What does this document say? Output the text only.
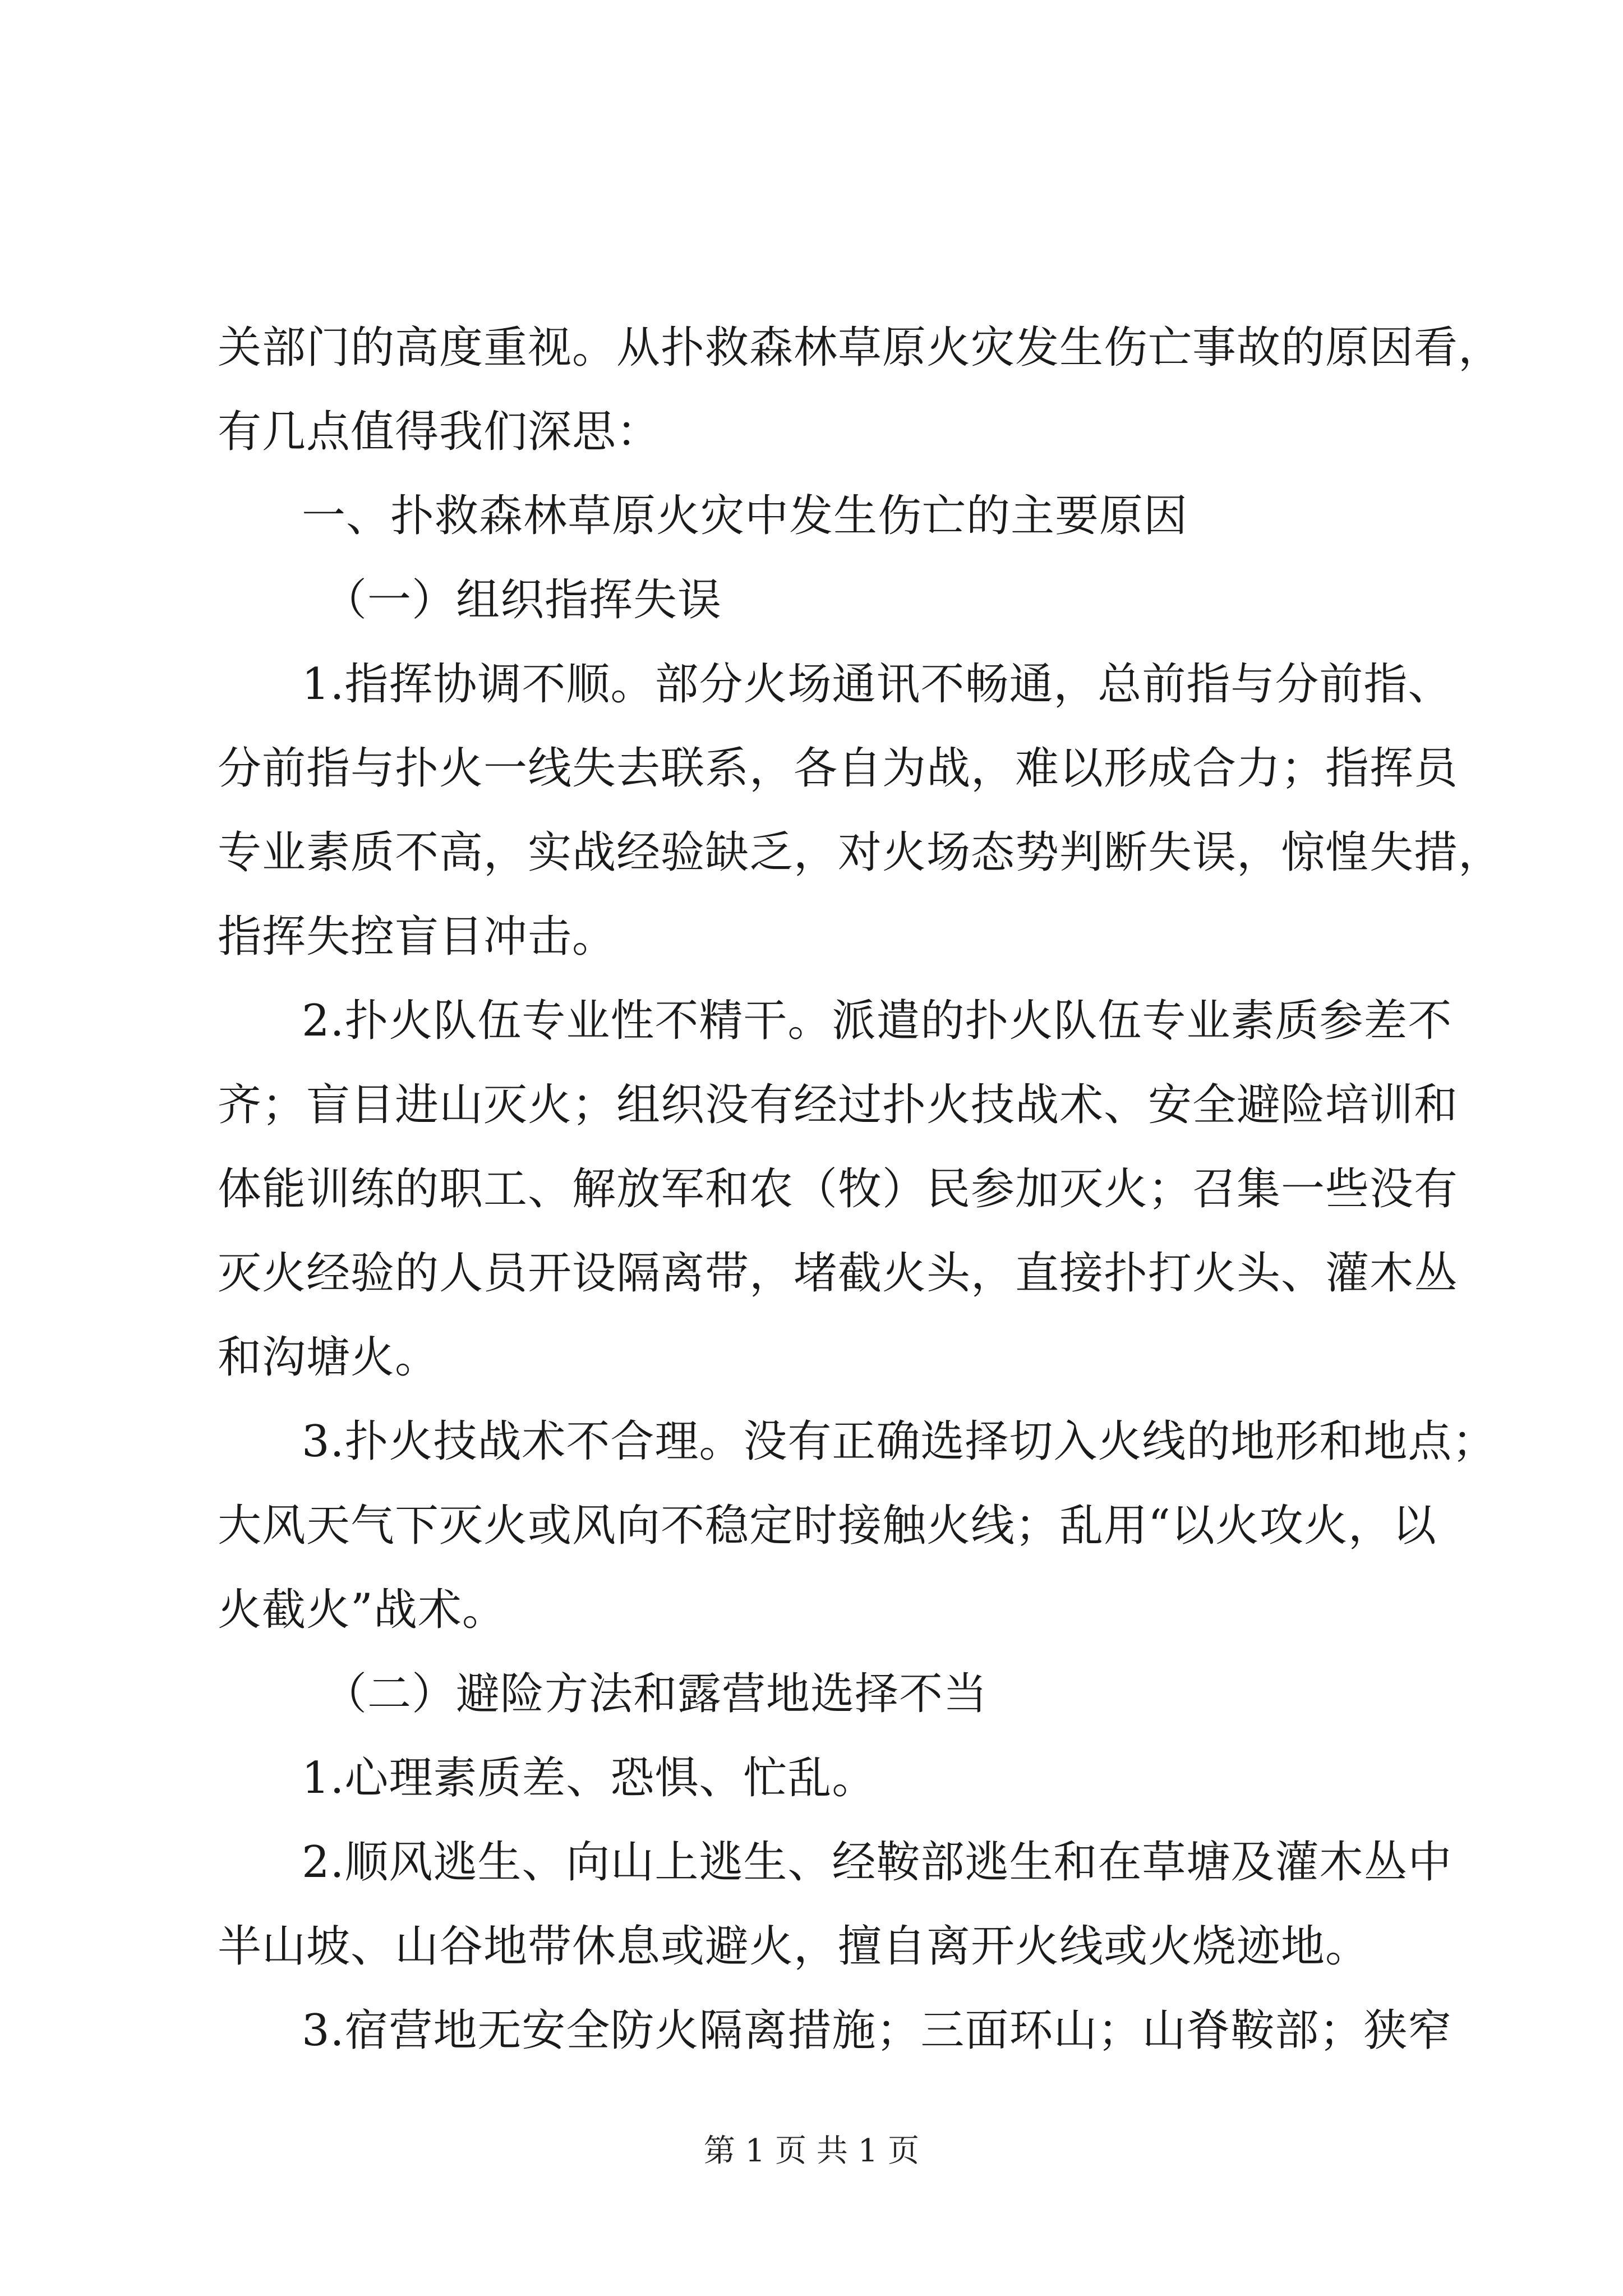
关部门的高度重视。从扑救森林草原火灾发生伤亡事故的原因看，
有几点值得我们深思：
一、扑救森林草原火灾中发生伤亡的主要原因
（一）组织指挥失误
1.指挥协调不顺。部分火场通讯不畅通，总前指与分前指、
分前指与扑火一线失去联系，各自为战，难以形成合力；指挥员
专业素质不高，实战经验缺乏，对火场态势判断失误，惊惶失措，
指挥失控盲目冲击。
2.扑火队伍专业性不精干。派遣的扑火队伍专业素质参差不
齐；盲目进山灭火；组织没有经过扑火技战术、安全避险培训和
体能训练的职工、解放军和农（牧）民参加灭火；召集一些没有
灭火经验的人员开设隔离带，堵截火头，直接扑打火头、灌木丛
和沟塘火。
3.扑火技战术不合理。没有正确选择切入火线的地形和地点；
大风天气下灭火或风向不稳定时接触火线；乱用“以火攻火，以
火截火”战术。
（二）避险方法和露营地选择不当
1.心理素质差、恐惧、忙乱。
2.顺风逃生、向山上逃生、经鞍部逃生和在草塘及灌木丛中
半山坡、山谷地带休息或避火，擅自离开火线或火烧迹地。
3.宿营地无安全防火隔离措施；三面环山；山脊鞍部；狭窄
第 1 页 共 1 页
